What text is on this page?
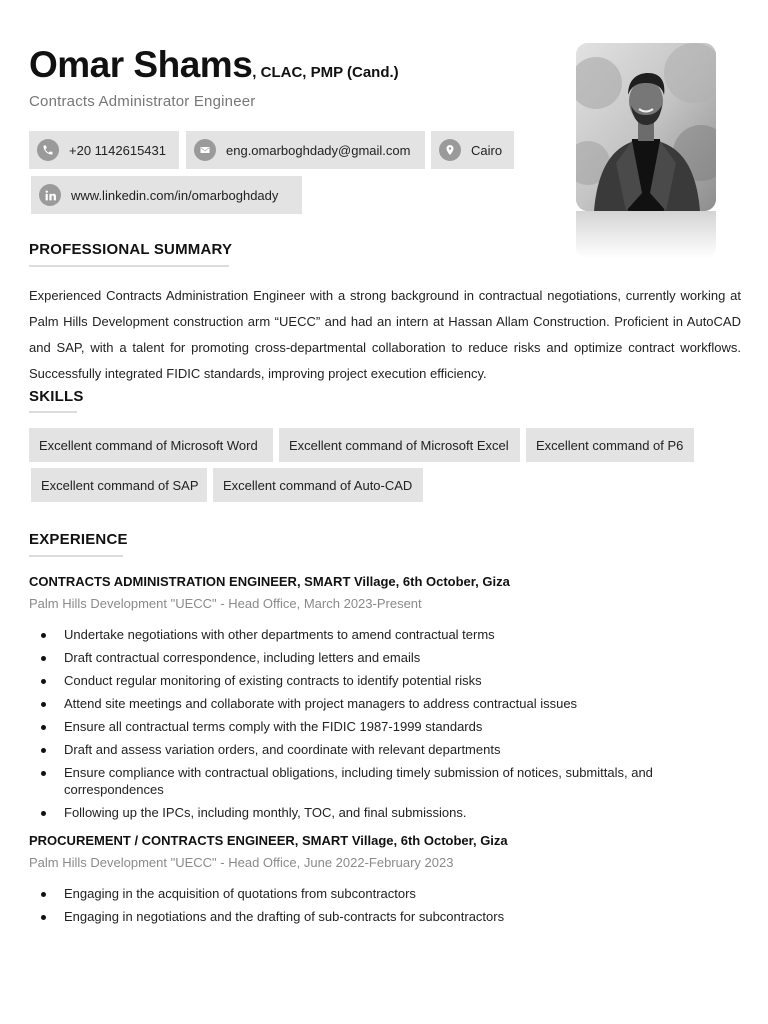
Omar Shams, CLAC, PMP (Cand.)
Contracts Administrator Engineer
+20 1142615431	eng.omarboghdady@gmail.com	Cairo
www.linkedin.com/in/omarboghdady
PROFESSIONAL SUMMARY
Experienced Contracts Administration Engineer with a strong background in contractual negotiations, currently working at Palm Hills Development construction arm “UECC” and had an intern at Hassan Allam Construction. Proficient in AutoCAD and SAP, with a talent for promoting cross-departmental collaboration to reduce risks and optimize contract workflows. Successfully integrated FIDIC standards, improving project execution efficiency.
SKILLS
Excellent command of Microsoft Word	Excellent command of Microsoft Excel	Excellent command of P6
Excellent command of SAP	Excellent command of Auto-CAD
EXPERIENCE
CONTRACTS ADMINISTRATION ENGINEER, SMART Village, 6th October, Giza
Palm Hills Development "UECC" - Head Office, March 2023-Present
Undertake negotiations with other departments to amend contractual terms
Draft contractual correspondence, including letters and emails
Conduct regular monitoring of existing contracts to identify potential risks
Attend site meetings and collaborate with project managers to address contractual issues
Ensure all contractual terms comply with the FIDIC 1987-1999 standards
Draft and assess variation orders, and coordinate with relevant departments
Ensure compliance with contractual obligations, including timely submission of notices, submittals, and correspondences
Following up the IPCs, including monthly, TOC, and final submissions.
PROCUREMENT / CONTRACTS ENGINEER, SMART Village, 6th October, Giza
Palm Hills Development "UECC" - Head Office, June 2022-February 2023
Engaging in the acquisition of quotations from subcontractors
Engaging in negotiations and the drafting of sub-contracts for subcontractors
